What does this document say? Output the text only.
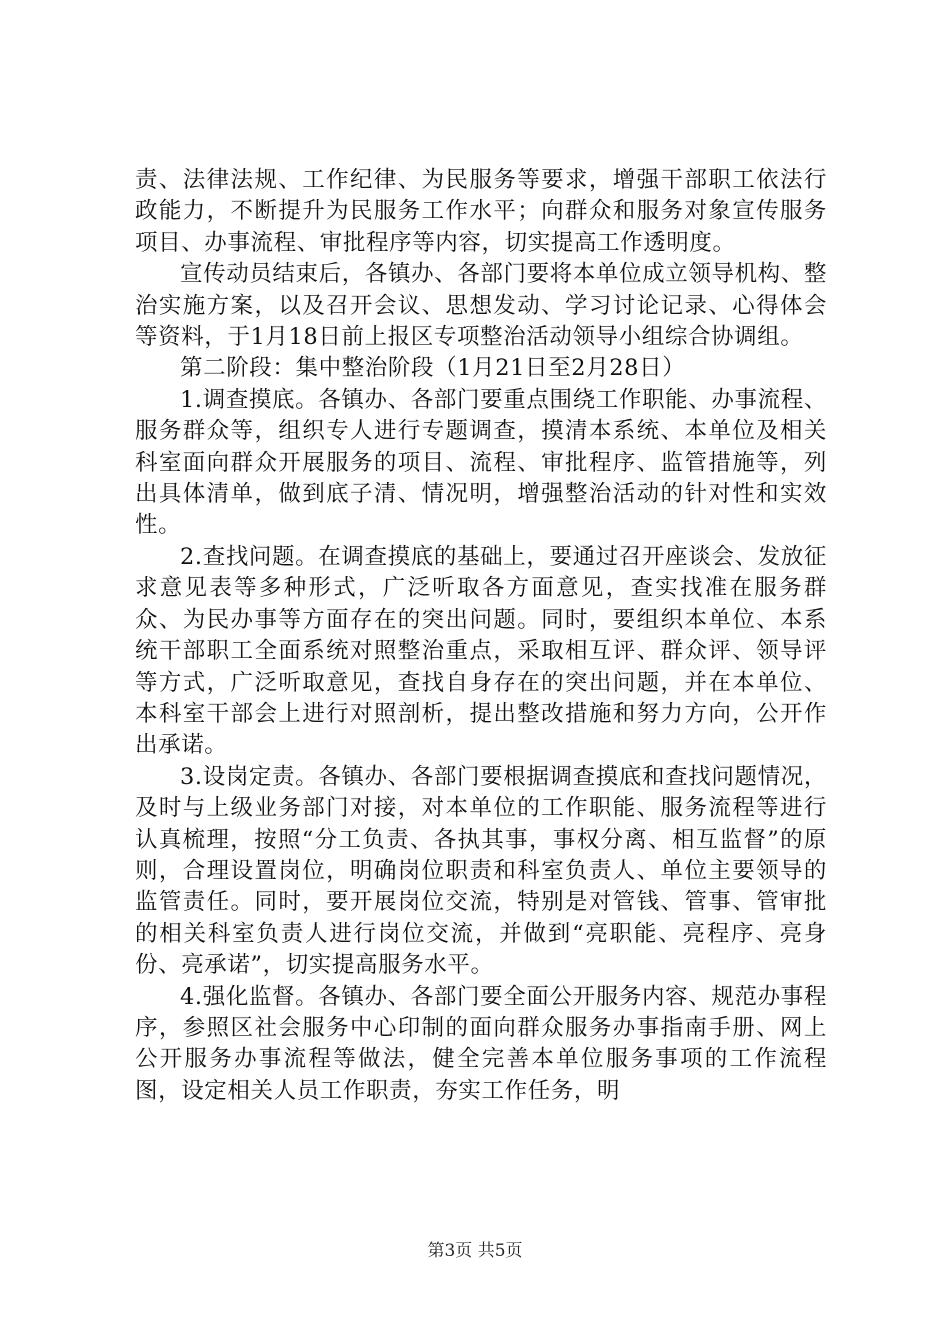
责、法律法规、工作纪律、为民服务等要求，增强干部职工依法行政能力，不断提升为民服务工作水平；向群众和服务对象宣传服务项目、办事流程、审批程序等内容，切实提高工作透明度。

宣传动员结束后，各镇办、各部门要将本单位成立领导机构、整治实施方案，以及召开会议、思想发动、学习讨论记录、心得体会等资料，于1月18日前上报区专项整治活动领导小组综合协调组。

第二阶段：集中整治阶段（1月21日至2月28日）

1.调查摸底。各镇办、各部门要重点围绕工作职能、办事流程、服务群众等，组织专人进行专题调查，摸清本系统、本单位及相关科室面向群众开展服务的项目、流程、审批程序、监管措施等，列出具体清单，做到底子清、情况明，增强整治活动的针对性和实效性。

2.查找问题。在调查摸底的基础上，要通过召开座谈会、发放征求意见表等多种形式，广泛听取各方面意见，查实找准在服务群众、为民办事等方面存在的突出问题。同时，要组织本单位、本系统干部职工全面系统对照整治重点，采取相互评、群众评、领导评等方式，广泛听取意见，查找自身存在的突出问题，并在本单位、本科室干部会上进行对照剖析，提出整改措施和努力方向，公开作出承诺。

3.设岗定责。各镇办、各部门要根据调查摸底和查找问题情况，及时与上级业务部门对接，对本单位的工作职能、服务流程等进行认真梳理，按照“分工负责、各执其事，事权分离、相互监督”的原则，合理设置岗位，明确岗位职责和科室负责人、单位主要领导的监管责任。同时，要开展岗位交流，特别是对管钱、管事、管审批的相关科室负责人进行岗位交流，并做到“亮职能、亮程序、亮身份、亮承诺”，切实提高服务水平。

4.强化监督。各镇办、各部门要全面公开服务内容、规范办事程序，参照区社会服务中心印制的面向群众服务办事指南手册、网上公开服务办事流程等做法，健全完善本单位服务事项的工作流程图，设定相关人员工作职责，夯实工作任务，明

第3页 共5页
